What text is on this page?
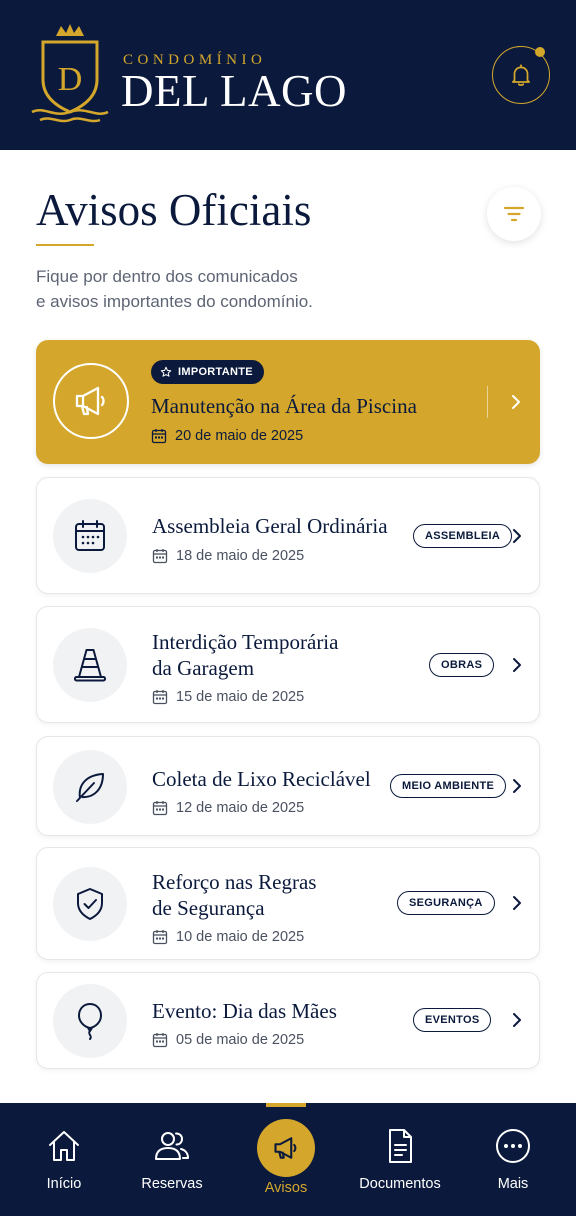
D
CONDOMÍNIO
DEL LAGO
Avisos Oficiais

Fique por dentro dos comunicados
e avisos importantes do condomínio.

IMPORTANTE
Manutenção na Área da Piscina
20 de maio de 2025
Assembleia Geral Ordinária
18 de maio de 2025
ASSEMBLEIA
Interdição Temporária
da Garagem
15 de maio de 2025
OBRAS
Coleta de Lixo Reciclável
12 de maio de 2025
MEIO AMBIENTE
Reforço nas Regras
de Segurança
10 de maio de 2025
SEGURANÇA
Evento: Dia das Mães
05 de maio de 2025
EVENTOS
Início	Reservas	Avisos	Documentos	Mais
